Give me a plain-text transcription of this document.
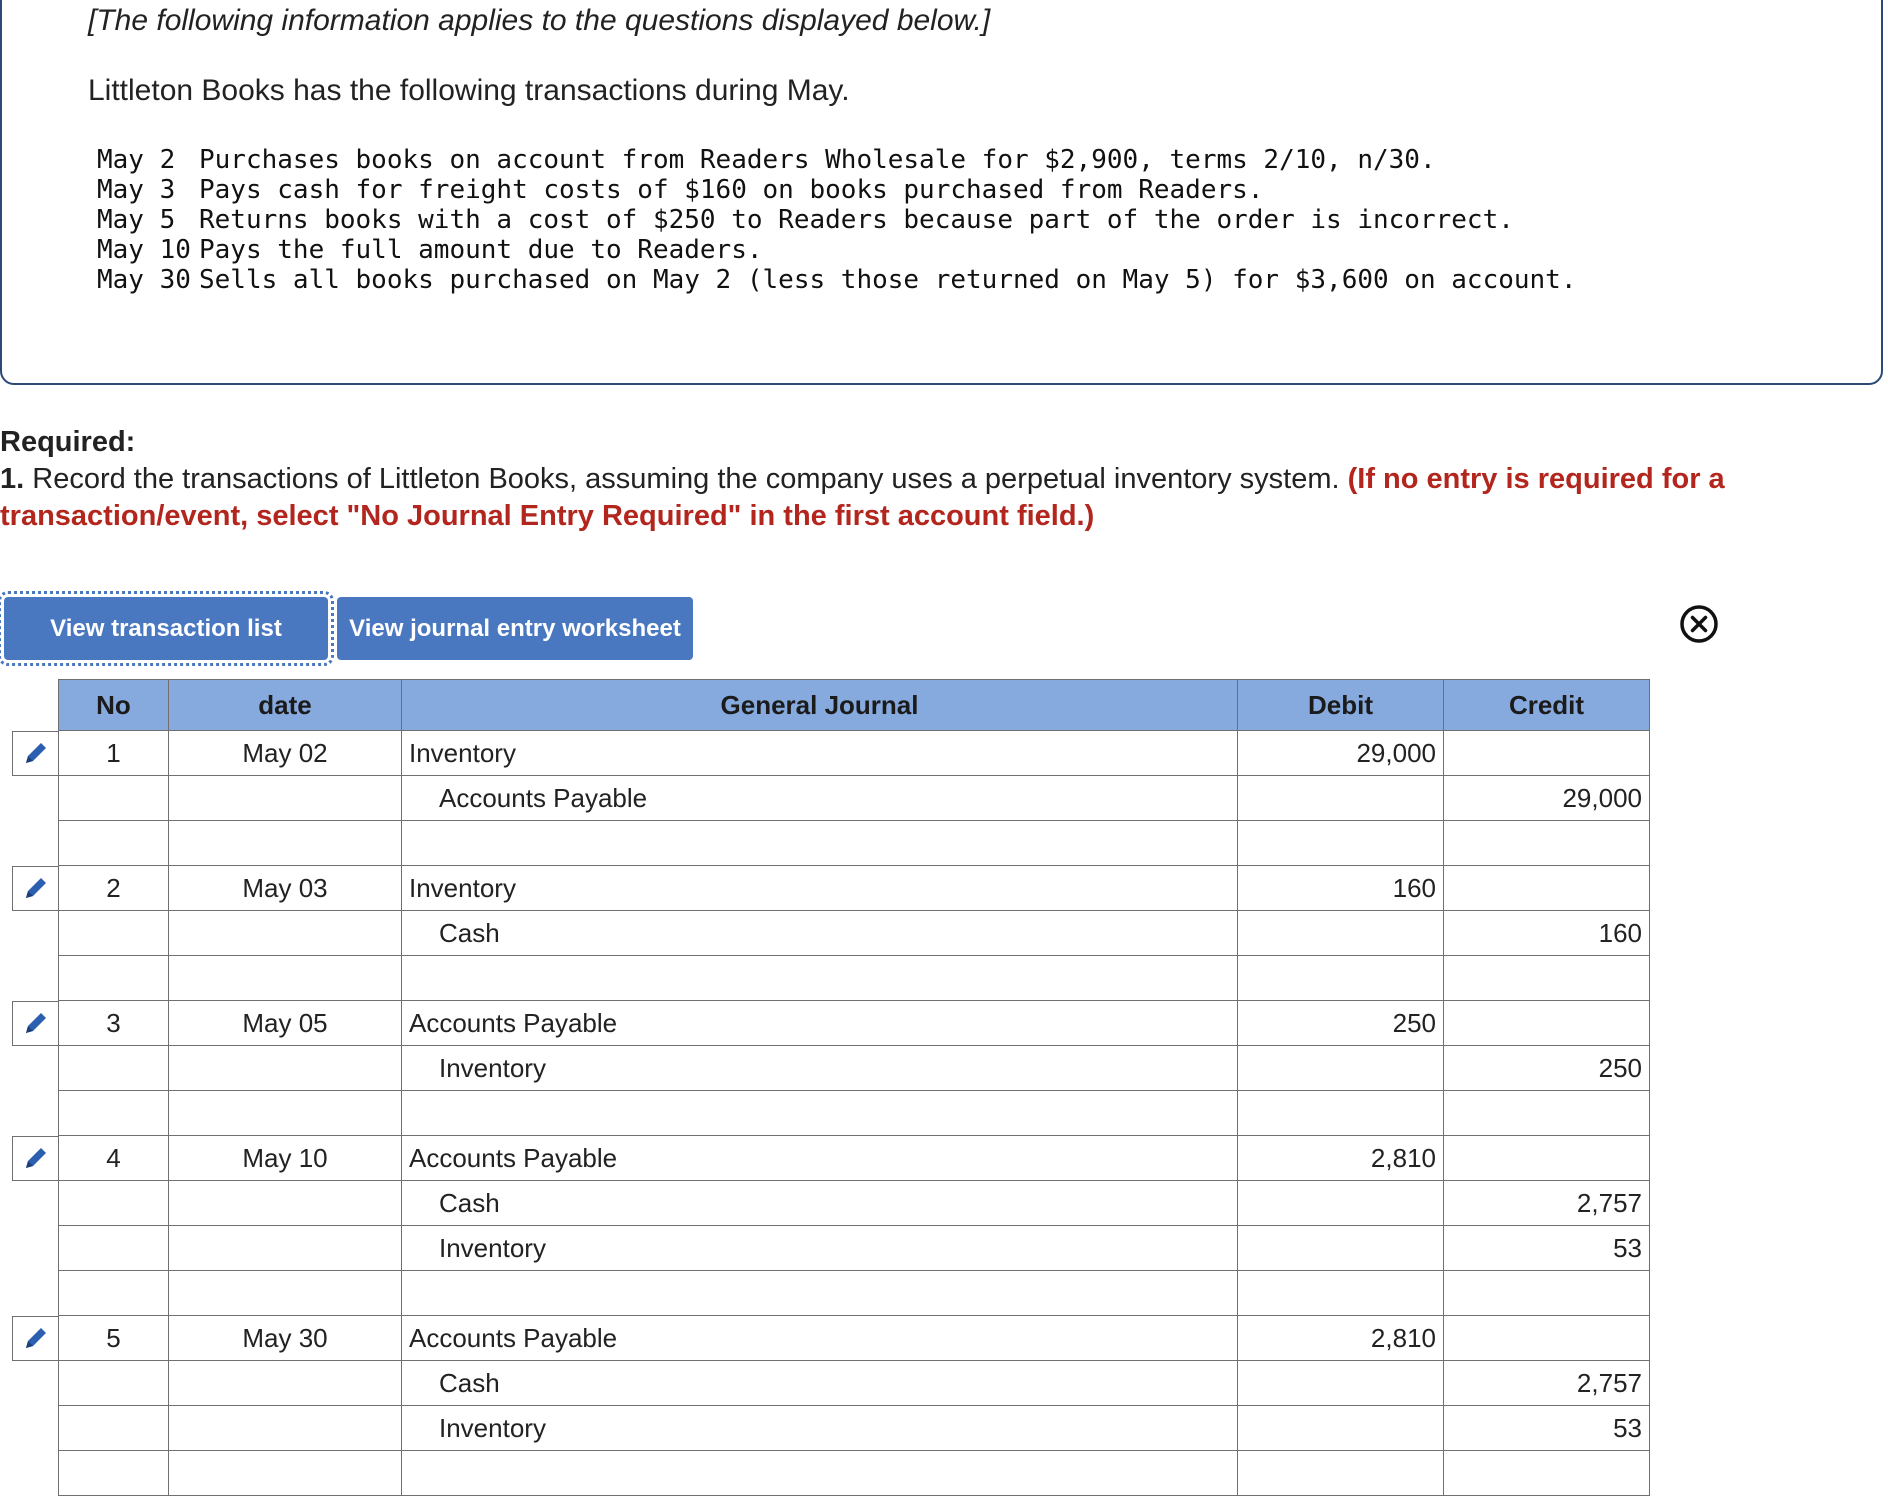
[The following information applies to the questions displayed below.]
Littleton Books has the following transactions during May.
May 2 Purchases books on account from Readers Wholesale for $2,900, terms 2/10, n/30.
May 3 Pays cash for freight costs of $160 on books purchased from Readers.
May 5 Returns books with a cost of $250 to Readers because part of the order is incorrect.
May 10 Pays the full amount due to Readers.
May 30 Sells all books purchased on May 2 (less those returned on May 5) for $3,600 on account.
Required:
1. Record the transactions of Littleton Books, assuming the company uses a perpetual inventory system. (If no entry is required for a transaction/event, select "No Journal Entry Required" in the first account field.)
View transaction list	View journal entry worksheet
No	date	General Journal	Debit	Credit
1	May 02	Inventory	29,000	
		Accounts Payable		29,000

2	May 03	Inventory	160	
		Cash		160

3	May 05	Accounts Payable	250	
		Inventory		250

4	May 10	Accounts Payable	2,810	
		Cash		2,757
		Inventory		53

5	May 30	Accounts Payable	2,810	
		Cash		2,757
		Inventory		53
